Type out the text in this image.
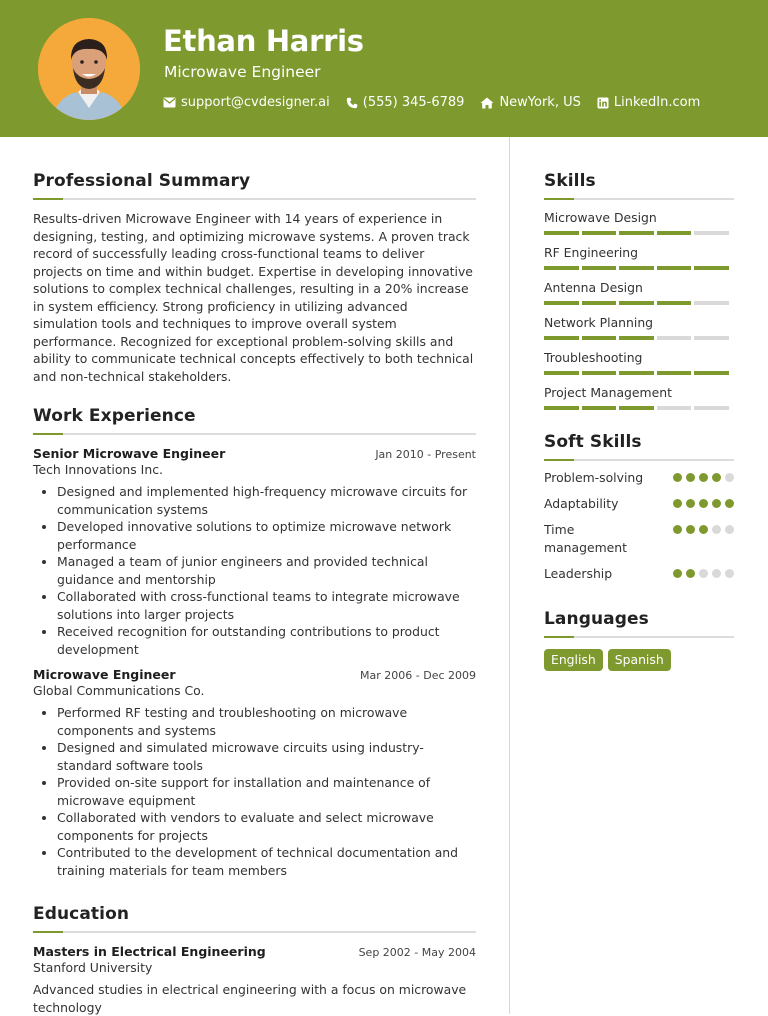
Ethan Harris
Microwave Engineer
support@cvdesigner.ai	(555) 345-6789	NewYork, US	LinkedIn.com
Professional Summary
Results-driven Microwave Engineer with 14 years of experience in designing, testing, and optimizing microwave systems. A proven track record of successfully leading cross-functional teams to deliver projects on time and within budget. Expertise in developing innovative solutions to complex technical challenges, resulting in a 20% increase in system efficiency. Strong proficiency in utilizing advanced simulation tools and techniques to improve overall system performance. Recognized for exceptional problem-solving skills and ability to communicate technical concepts effectively to both technical and non-technical stakeholders.
Work Experience
Senior Microwave Engineer	Jan 2010 - Present
Tech Innovations Inc.
• Designed and implemented high-frequency microwave circuits for communication systems
• Developed innovative solutions to optimize microwave network performance
• Managed a team of junior engineers and provided technical guidance and mentorship
• Collaborated with cross-functional teams to integrate microwave solutions into larger projects
• Received recognition for outstanding contributions to product development
Microwave Engineer	Mar 2006 - Dec 2009
Global Communications Co.
• Performed RF testing and troubleshooting on microwave components and systems
• Designed and simulated microwave circuits using industry-standard software tools
• Provided on-site support for installation and maintenance of microwave equipment
• Collaborated with vendors to evaluate and select microwave components for projects
• Contributed to the development of technical documentation and training materials for team members
Education
Masters in Electrical Engineering	Sep 2002 - May 2004
Stanford University
Advanced studies in electrical engineering with a focus on microwave technology
Skills
Microwave Design
RF Engineering
Antenna Design
Network Planning
Troubleshooting
Project Management
Soft Skills
Problem-solving
Adaptability
Time management
Leadership
Languages
English	Spanish
